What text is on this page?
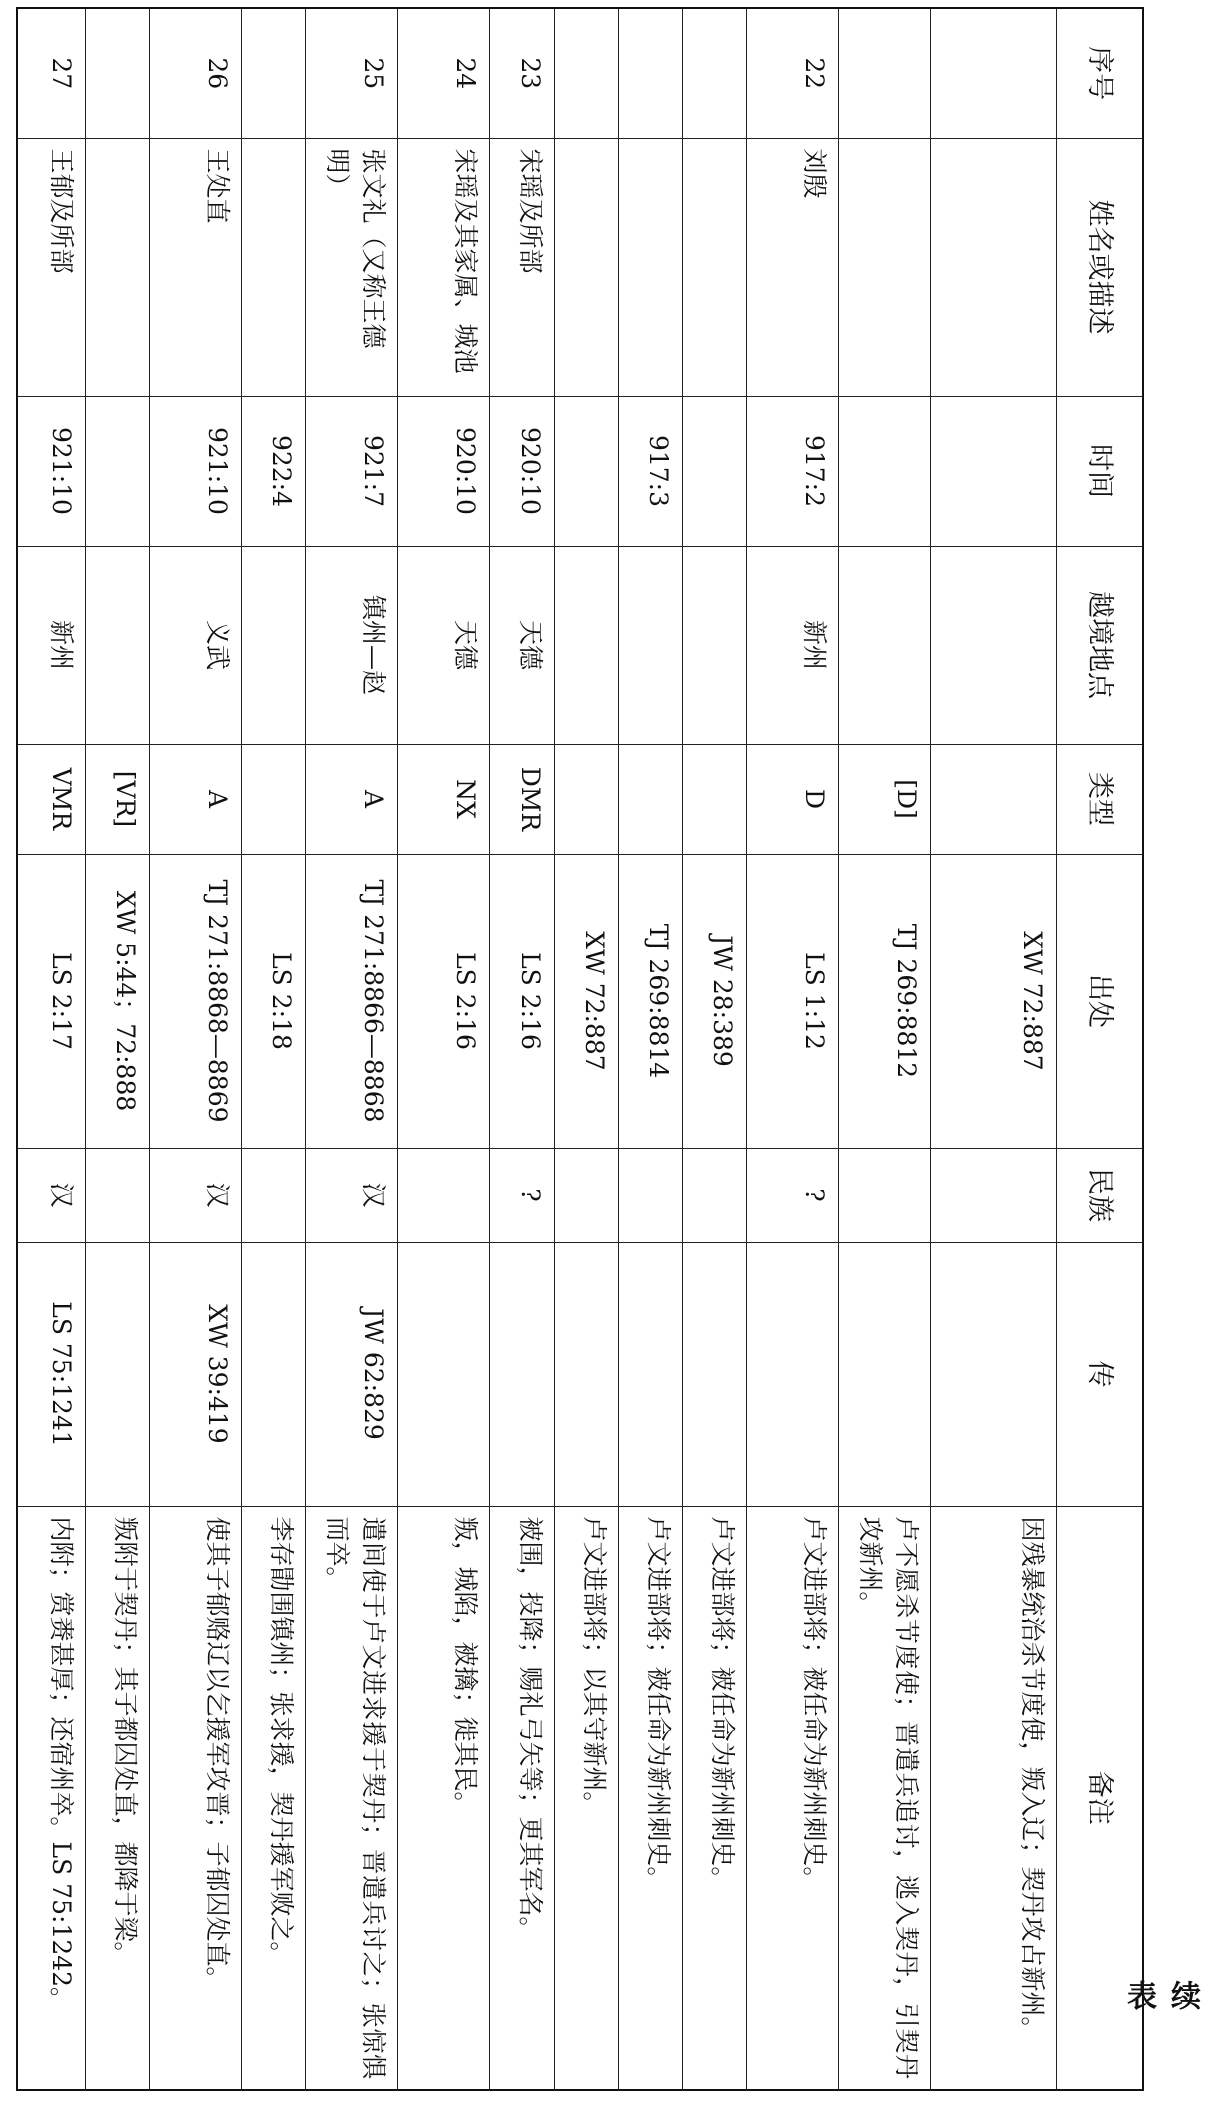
续 表
序号	姓名或描述	时间	越境地点	类型	出处	民族	传	备注
					XW 72:887			因残暴统治杀节度使，叛入辽；契丹攻占新州。
				[D]	TJ 269:8812			卢不愿杀节度使；晋遣兵追讨，逃入契丹，引契丹攻新州。
22	刘殷	917:2	新州	D	LS 1:12	?		卢文进部将；被任命为新州刺史。
					JW 28:389			卢文进部将；被任命为新州刺史。
		917:3			TJ 269:8814			卢文进部将；被任命为新州刺史。
					XW 72:887			卢文进部将；以其守新州。
23	宋瑶及所部	920:10	天德	DMR	LS 2:16	?		被围，投降；赐礼弓矢等；更其军名。
24	宋瑶及其家属、城池	920:10	天德	NX	LS 2:16			叛，城陷，被擒；徙其民。
25	张文礼（又称王德明）	921:7	镇州—赵	A	TJ 271:8866—8868	汉	JW 62:829	遣间使于卢文进求援于契丹；晋遣兵讨之；张惊惧而卒。
		922:4			LS 2:18			李存勖围镇州；张求援，契丹援军败之。
26	王处直	921:10	义武	A	TJ 271:8868—8869	汉	XW 39:419	使其子郁赂辽以乞援军攻晋；子郁囚处直。
				[VR]	XW 5:44；72:888			叛附于契丹；其子都囚处直，都降于梁。
27	王郁及所部	921:10	新州	VMR	LS 2:17	汉	LS 75:1241	内附；赏赉甚厚；还宿州卒。LS 75:1242。
